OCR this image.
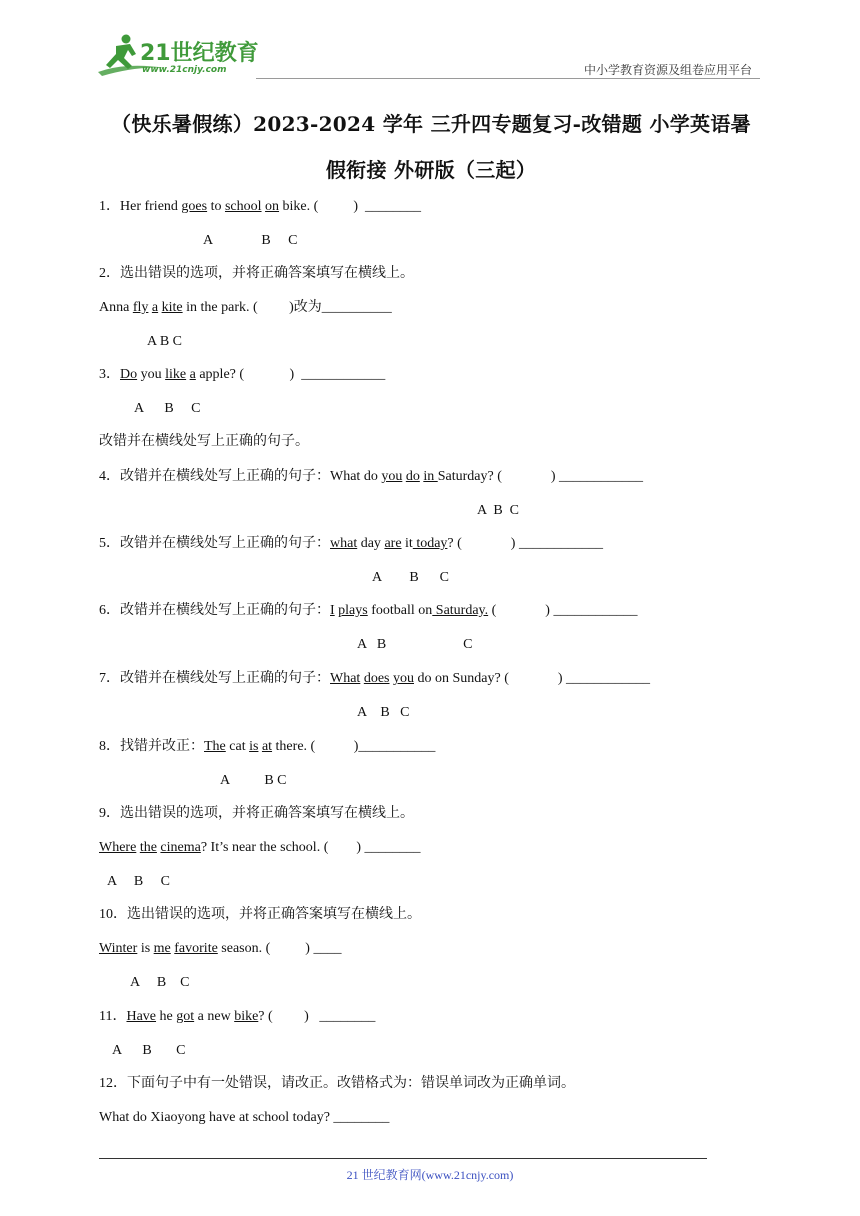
21世纪教育
www.21cnjy.com	中小学教育资源及组卷应用平台
（快乐暑假练）2023-2024 学年 三升四专题复习-改错题 小学英语暑
假衔接 外研版（三起）
1．Her friend goes to school on bike. (          )  ________
A              B     C
2．选出错误的选项，并将正确答案填写在横线上。
Anna fly a kite in the park. (         )改为__________
A B C
3．Do you like a apple? (             )  ____________
A      B     C
改错并在横线处写上正确的句子。
4．改错并在横线处写上正确的句子：What do you do in Saturday? (              ) ____________
A  B  C
5．改错并在横线处写上正确的句子：what day are it today? (              ) ____________
A        B      C
6．改错并在横线处写上正确的句子：I plays football on Saturday. (              ) ____________
A   B                      C
7．改错并在横线处写上正确的句子：What does you do on Sunday? (              ) ____________
A    B   C
8．找错并改正：The cat is at there. (           )___________
A          B C
9．选出错误的选项，并将正确答案填写在横线上。
Where the cinema? It’s near the school. (        ) ________
A     B     C
10．选出错误的选项，并将正确答案填写在横线上。
Winter is me favorite season. (          ) ____
A     B    C
11．Have he got a new bike? (         )   ________
A      B       C
12．下面句子中有一处错误，请改正。改错格式为：错误单词改为正确单词。
What do Xiaoyong have at school today? ________
21 世纪教育网(www.21cnjy.com)
